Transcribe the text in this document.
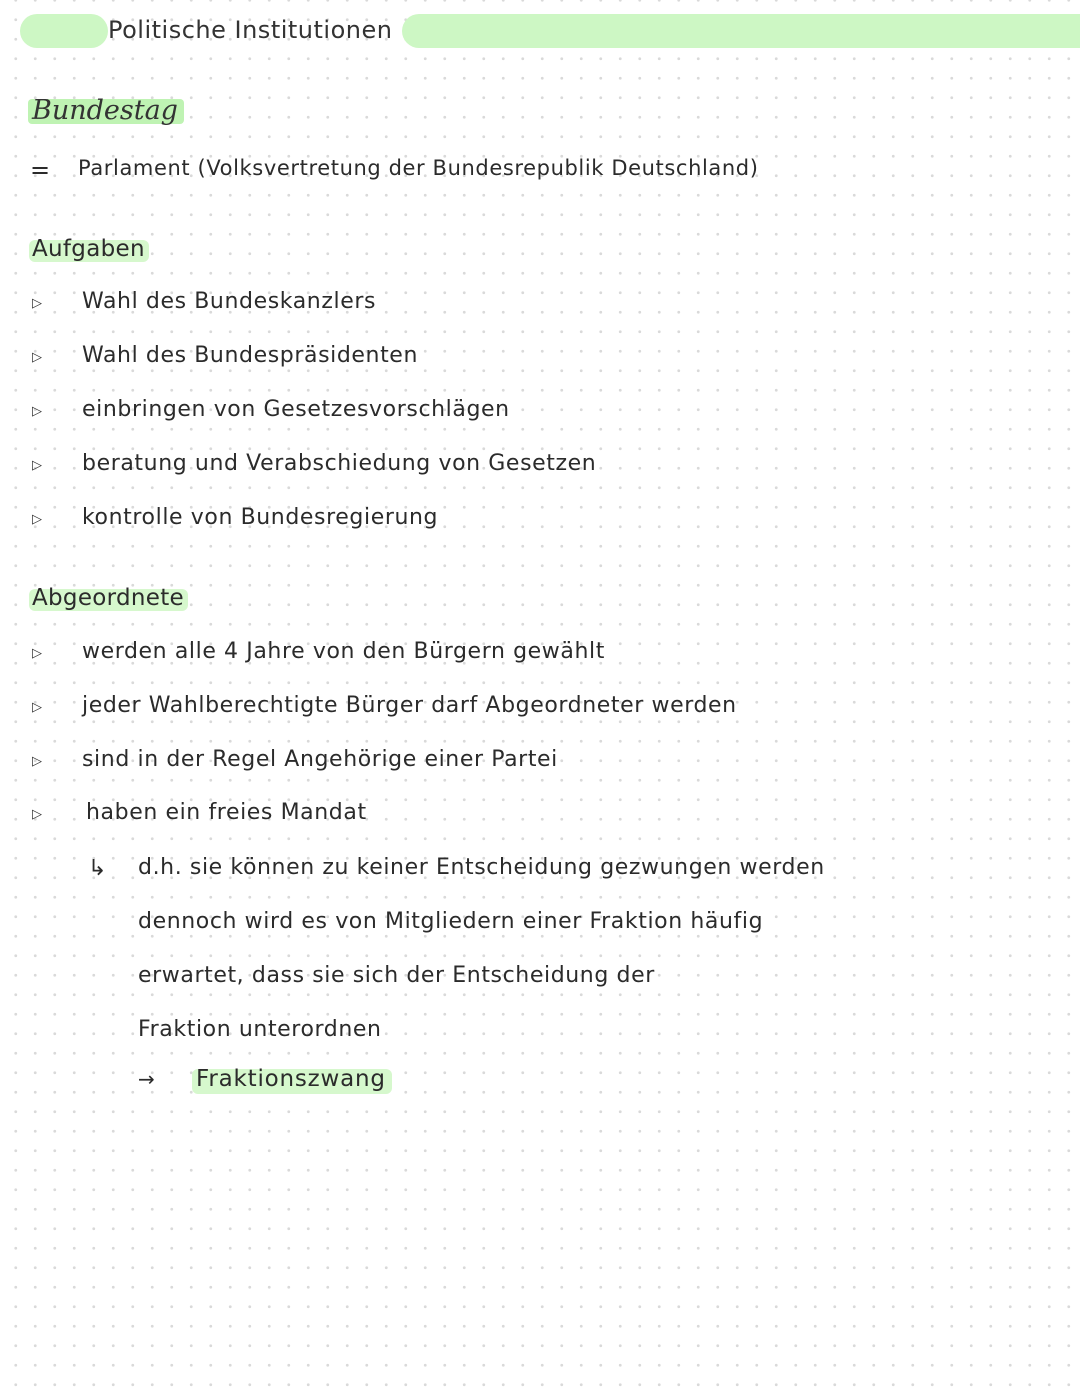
Politische Institutionen
Bundestag
= Parlament (Volksvertretung der Bundesrepublik Deutschland)
Aufgaben
▷ Wahl des Bundeskanzlers
▷ Wahl des Bundespräsidenten
▷ einbringen von Gesetzesvorschlägen
▷ beratung und Verabschiedung von Gesetzen
▷ kontrolle von Bundesregierung
Abgeordnete
▷ werden alle 4 Jahre von den Bürgern gewählt
▷ jeder Wahlberechtigte Bürger darf Abgeordneter werden
▷ sind in der Regel Angehörige einer Partei
▷ haben ein freies Mandat
↳ d.h. sie können zu keiner Entscheidung gezwungen werden
dennoch wird es von Mitgliedern einer Fraktion häufig
erwartet, dass sie sich der Entscheidung der
Fraktion unterordnen
→ Fraktionszwang
